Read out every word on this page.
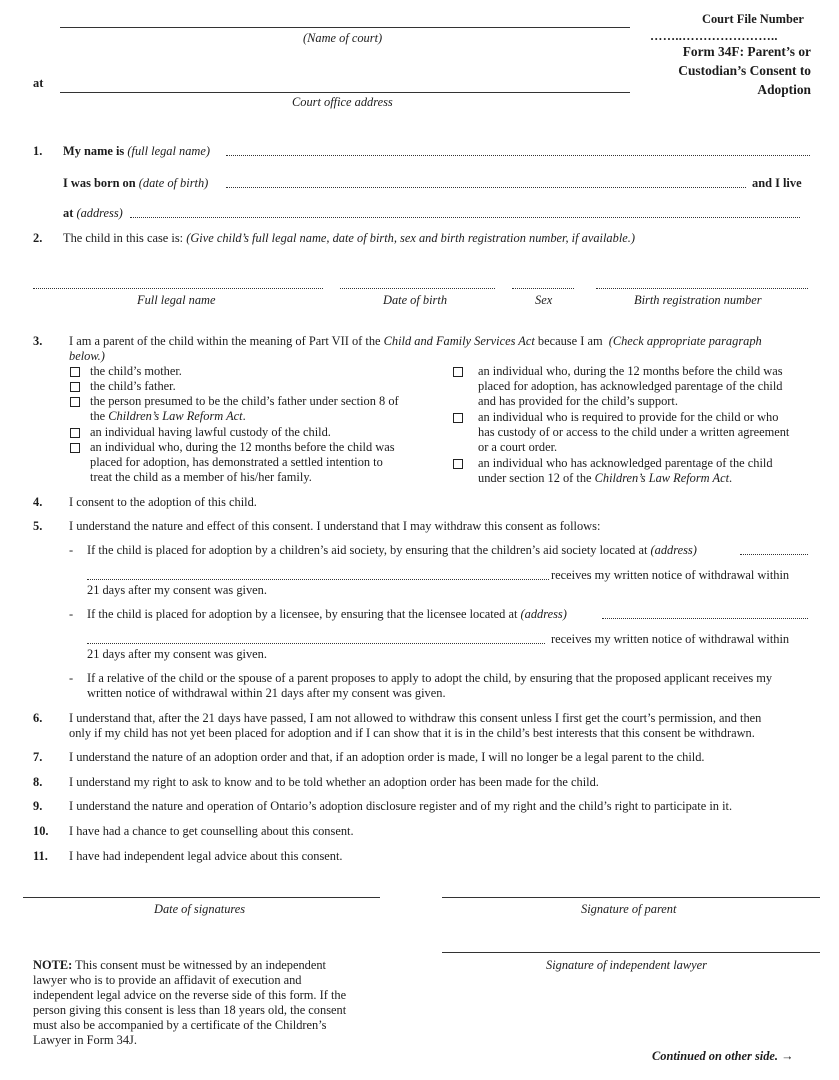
(Name of court)
at
Court office address
Court File Number
……..…………………..
Form 34F: Parent’s or
Custodian’s Consent to
Adoption
1. My name is (full legal name)
I was born on (date of birth)	and I live
at (address)
2. The child in this case is: (Give child’s full legal name, date of birth, sex and birth registration number, if available.)
Full legal name	Date of birth	Sex	Birth registration number
3. I am a parent of the child within the meaning of Part VII of the Child and Family Services Act because I am (Check appropriate paragraph
below.)
the child’s mother.
the child’s father.
the person presumed to be the child’s father under section 8 of
the Children’s Law Reform Act.
an individual having lawful custody of the child.
an individual who, during the 12 months before the child was
placed for adoption, has demonstrated a settled intention to
treat the child as a member of his/her family.
an individual who, during the 12 months before the child was
placed for adoption, has acknowledged parentage of the child
and has provided for the child’s support.
an individual who is required to provide for the child or who
has custody of or access to the child under a written agreement
or a court order.
an individual who has acknowledged parentage of the child
under section 12 of the Children’s Law Reform Act.
4. I consent to the adoption of this child.
5. I understand the nature and effect of this consent. I understand that I may withdraw this consent as follows:
- If the child is placed for adoption by a children’s aid society, by ensuring that the children’s aid society located at (address)
receives my written notice of withdrawal within
21 days after my consent was given.
- If the child is placed for adoption by a licensee, by ensuring that the licensee located at (address)
receives my written notice of withdrawal within
21 days after my consent was given.
- If a relative of the child or the spouse of a parent proposes to apply to adopt the child, by ensuring that the proposed applicant receives my
written notice of withdrawal within 21 days after my consent was given.
6. I understand that, after the 21 days have passed, I am not allowed to withdraw this consent unless I first get the court’s permission, and then
only if my child has not yet been placed for adoption and if I can show that it is in the child’s best interests that this consent be withdrawn.
7. I understand the nature of an adoption order and that, if an adoption order is made, I will no longer be a legal parent to the child.
8. I understand my right to ask to know and to be told whether an adoption order has been made for the child.
9. I understand the nature and operation of Ontario’s adoption disclosure register and of my right and the child’s right to participate in it.
10. I have had a chance to get counselling about this consent.
11. I have had independent legal advice about this consent.
Date of signatures	Signature of parent
Signature of independent lawyer
NOTE: This consent must be witnessed by an independent
lawyer who is to provide an affidavit of execution and
independent legal advice on the reverse side of this form. If the
person giving this consent is less than 18 years old, the consent
must also be accompanied by a certificate of the Children’s
Lawyer in Form 34J.
Continued on other side. →
